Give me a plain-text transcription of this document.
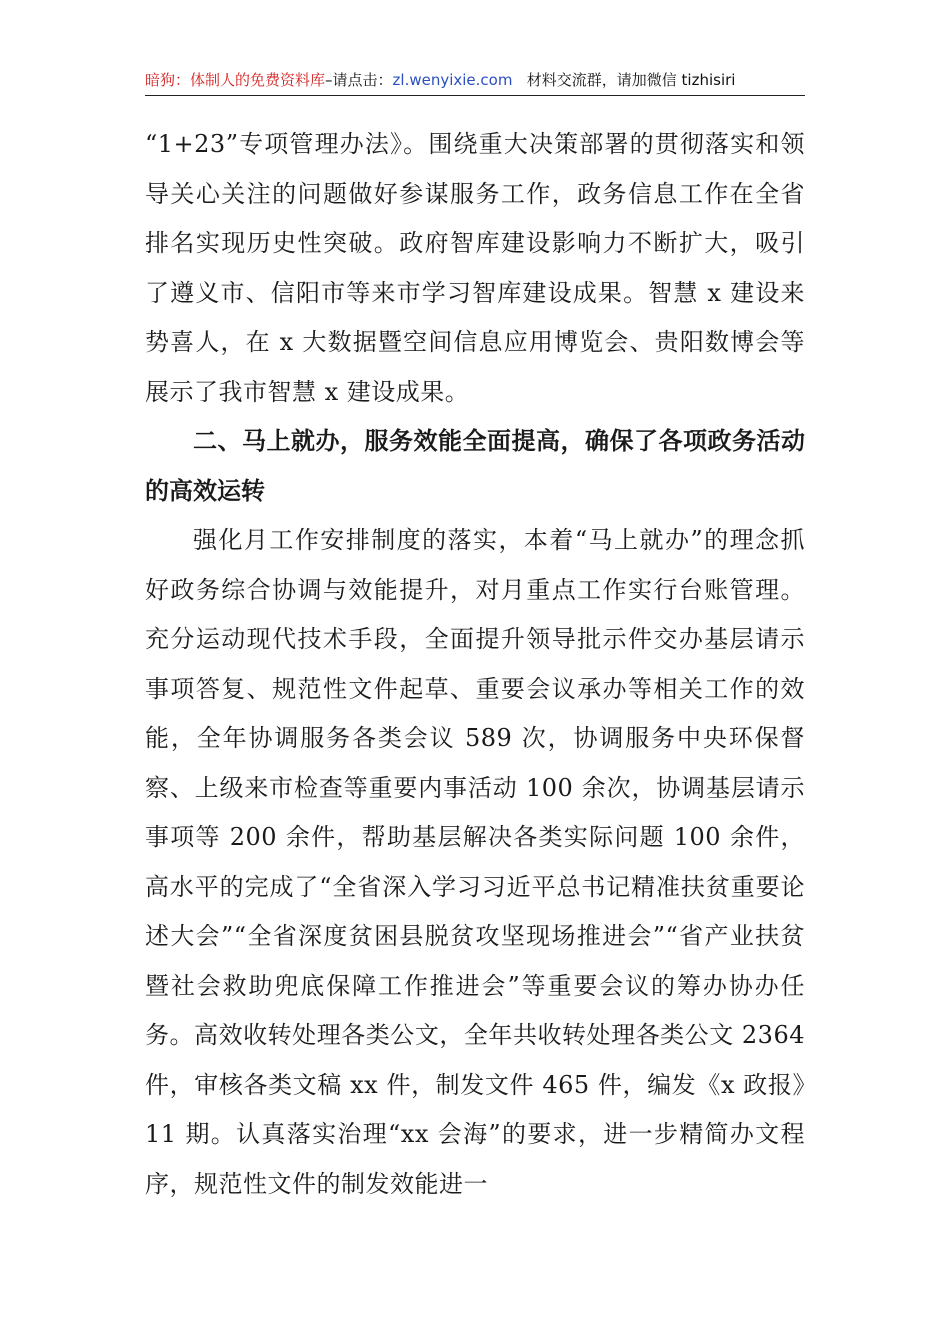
暗狗：体制人的免费资料库–请点击：zl.wenyixie.com 材料交流群，请加微信 tizhisiri

“1+23”专项管理办法》。围绕重大决策部署的贯彻落实和领导关心关注的问题做好参谋服务工作，政务信息工作在全省排名实现历史性突破。政府智库建设影响力不断扩大，吸引了遵义市、信阳市等来市学习智库建设成果。智慧 x 建设来势喜人，在 x 大数据暨空间信息应用博览会、贵阳数博会等展示了我市智慧 x 建设成果。

二、马上就办，服务效能全面提高，确保了各项政务活动的高效运转

强化月工作安排制度的落实，本着“马上就办”的理念抓好政务综合协调与效能提升，对月重点工作实行台账管理。充分运动现代技术手段，全面提升领导批示件交办基层请示事项答复、规范性文件起草、重要会议承办等相关工作的效能，全年协调服务各类会议 589 次，协调服务中央环保督察、上级来市检查等重要内事活动 100 余次，协调基层请示事项等 200 余件，帮助基层解决各类实际问题 100 余件，高水平的完成了“全省深入学习习近平总书记精准扶贫重要论述大会”“全省深度贫困县脱贫攻坚现场推进会”“省产业扶贫暨社会救助兜底保障工作推进会”等重要会议的筹办协办任务。高效收转处理各类公文，全年共收转处理各类公文 2364 件，审核各类文稿 xx 件，制发文件 465 件，编发《x 政报》11 期。认真落实治理“xx 会海”的要求，进一步精简办文程序，规范性文件的制发效能进一
